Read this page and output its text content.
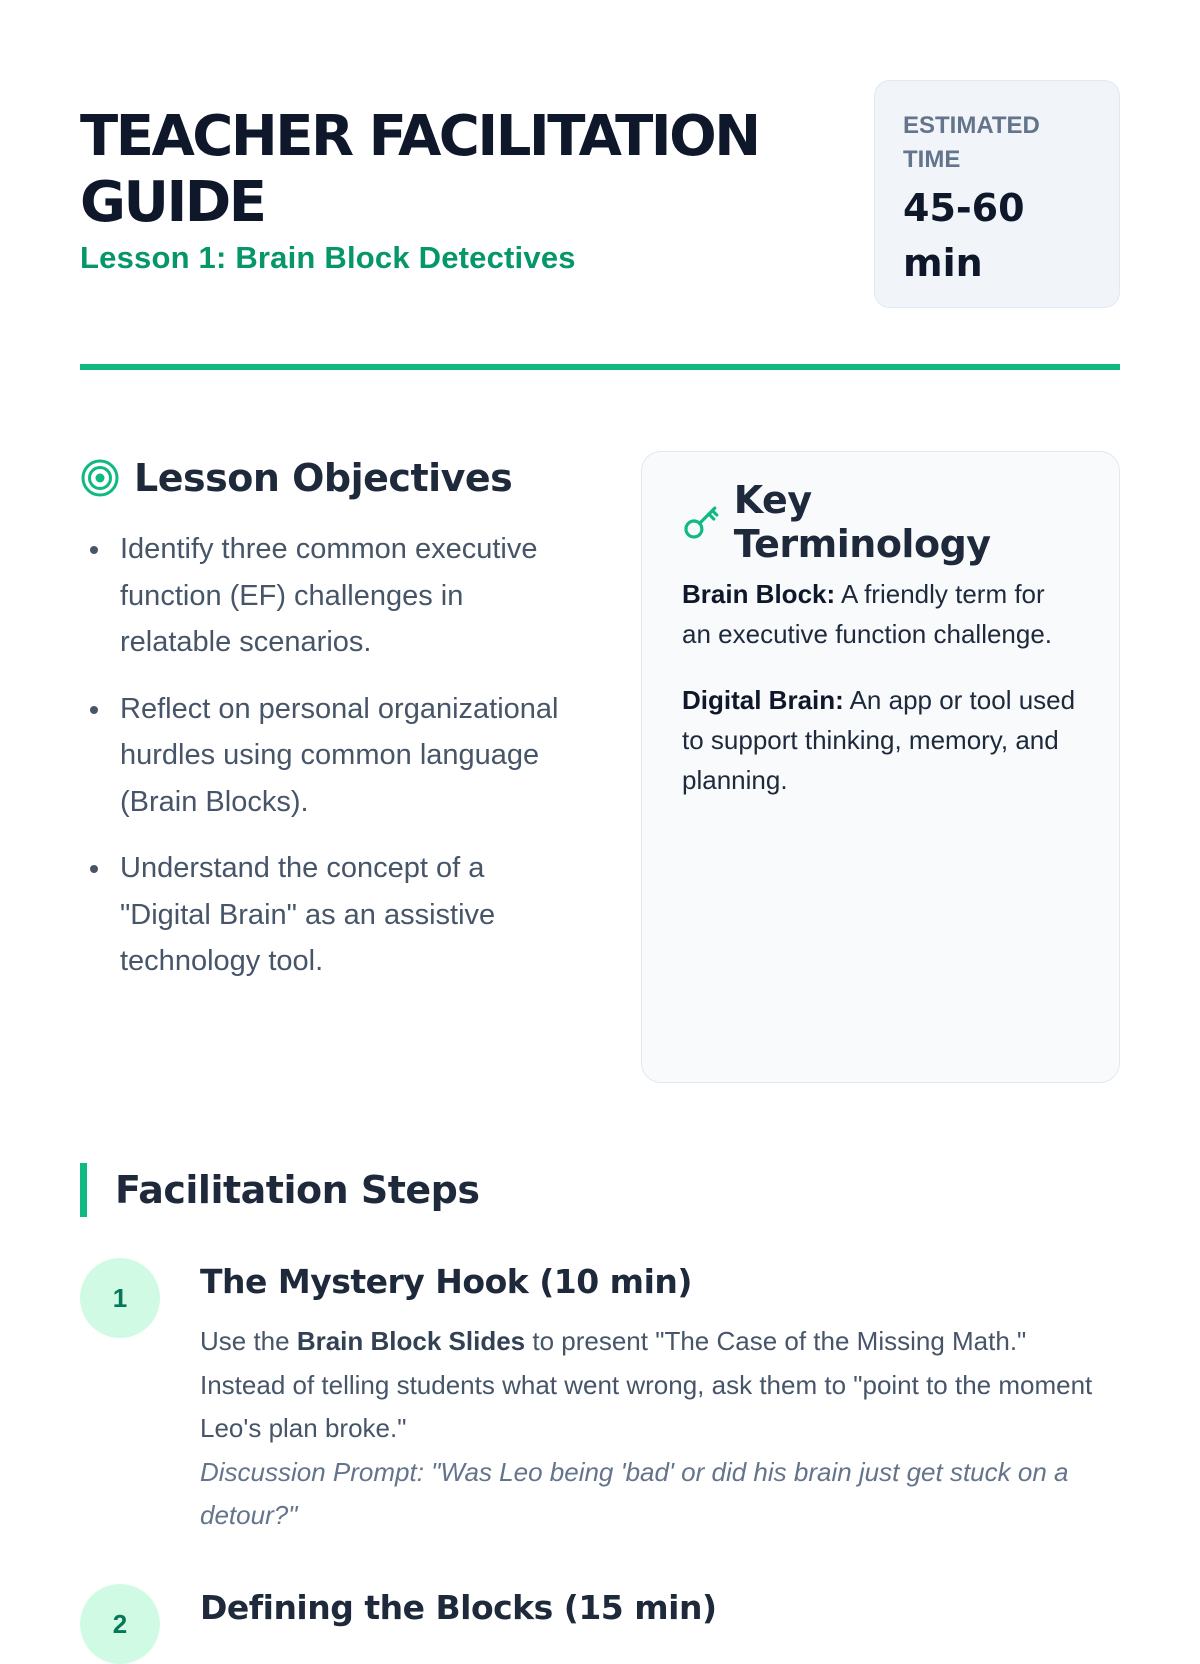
TEACHER FACILITATION GUIDE

Lesson 1: Brain Block Detectives

ESTIMATED TIME
45-60 min
Lesson Objectives
Identify three common executive function (EF) challenges in relatable scenarios.
Reflect on personal organizational hurdles using common language (Brain Blocks).
Understand the concept of a "Digital Brain" as an assistive technology tool.
Key Terminology
Brain Block: A friendly term for an executive function challenge.
Digital Brain: An app or tool used to support thinking, memory, and planning.
Facilitation Steps
1	The Mystery Hook (10 min)

Use the Brain Block Slides to present "The Case of the Missing Math." Instead of telling students what went wrong, ask them to "point to the moment Leo's plan broke."
Discussion Prompt: "Was Leo being 'bad' or did his brain just get stuck on a detour?"

2	Defining the Blocks (15 min)
